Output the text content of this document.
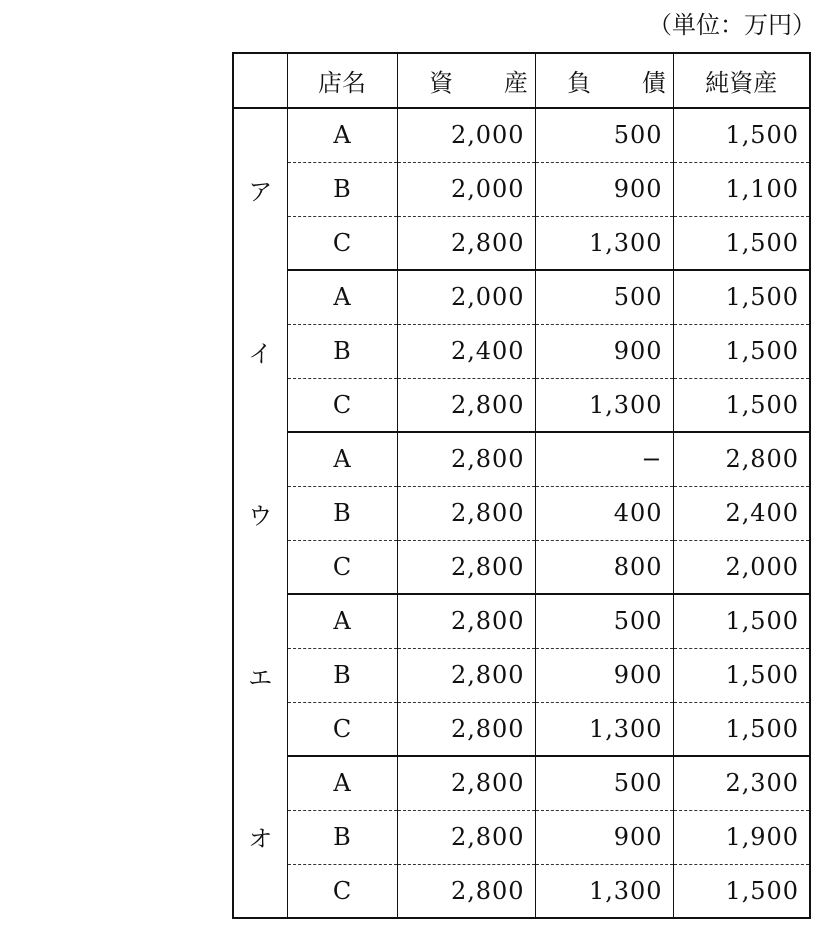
（単位：万円）
	店名	資 産	負 債	純資産
ア	A	2,000	500	1,500
	B	2,000	900	1,100
	C	2,800	1,300	1,500
イ	A	2,000	500	1,500
	B	2,400	900	1,500
	C	2,800	1,300	1,500
ウ	A	2,800	−	2,800
	B	2,800	400	2,400
	C	2,800	800	2,000
エ	A	2,800	500	1,500
	B	2,800	900	1,500
	C	2,800	1,300	1,500
オ	A	2,800	500	2,300
	B	2,800	900	1,900
	C	2,800	1,300	1,500
